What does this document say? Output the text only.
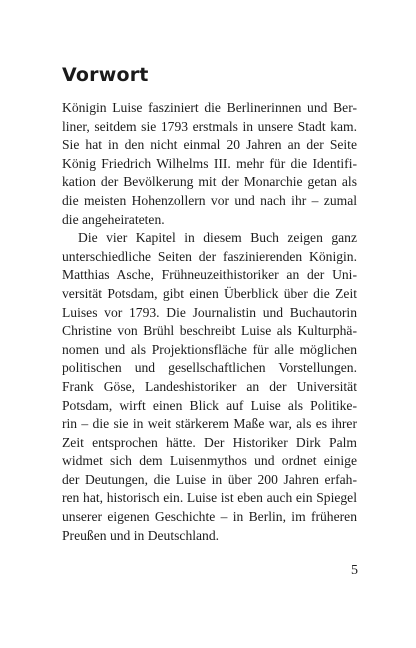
Vorwort
Königin Luise fasziniert die Berlinerinnen und Ber-
liner, seitdem sie 1793 erstmals in unsere Stadt kam.
Sie hat in den nicht einmal 20 Jahren an der Seite
König Friedrich Wilhelms III. mehr für die Identifi-
kation der Bevölkerung mit der Monarchie getan als
die meisten Hohenzollern vor und nach ihr – zumal
die angeheirateten.
Die vier Kapitel in diesem Buch zeigen ganz
unterschiedliche Seiten der faszinierenden Königin.
Matthias Asche, Frühneuzeithistoriker an der Uni-
versität Potsdam, gibt einen Überblick über die Zeit
Luises vor 1793. Die Journalistin und Buchautorin
Christine von Brühl beschreibt Luise als Kulturphä-
nomen und als Projektionsfläche für alle möglichen
politischen und gesellschaftlichen Vorstellungen.
Frank Göse, Landeshistoriker an der Universität
Potsdam, wirft einen Blick auf Luise als Politike-
rin – die sie in weit stärkerem Maße war, als es ihrer
Zeit entsprochen hätte. Der Historiker Dirk Palm
widmet sich dem Luisenmythos und ordnet einige
der Deutungen, die Luise in über 200 Jahren erfah-
ren hat, historisch ein. Luise ist eben auch ein Spiegel
unserer eigenen Geschichte – in Berlin, im früheren
Preußen und in Deutschland.
5
